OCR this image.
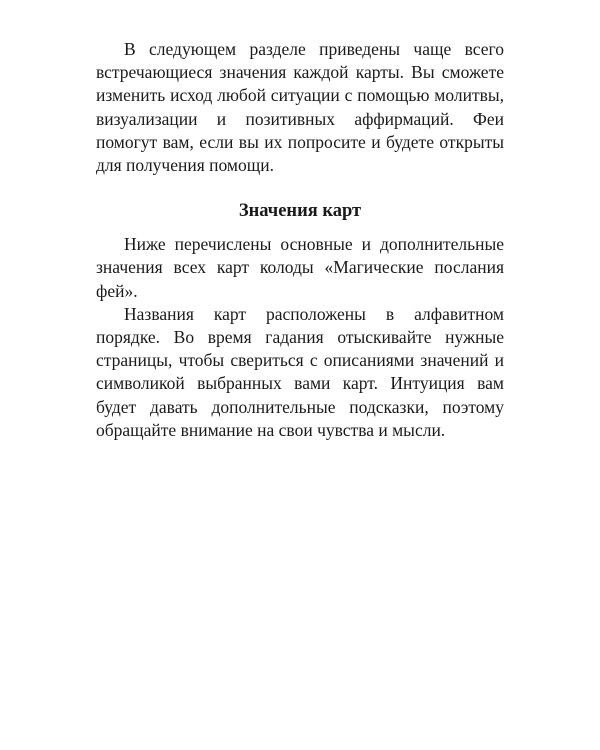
В следующем разделе приведены чаще всего встречающиеся значения каждой карты. Вы сможете изменить исход любой ситуации с помощью молитвы, визуализации и позитивных аффирмаций. Феи помогут вам, если вы их попросите и будете открыты для получения помощи.

Значения карт

Ниже перечислены основные и дополнительные значения всех карт колоды «Магические послания фей».

Названия карт расположены в алфавитном порядке. Во время гадания отыскивайте нужные страницы, чтобы свериться с описаниями значений и символикой выбранных вами карт. Интуиция вам будет давать дополнительные подсказки, поэтому обращайте внимание на свои чувства и мысли.
